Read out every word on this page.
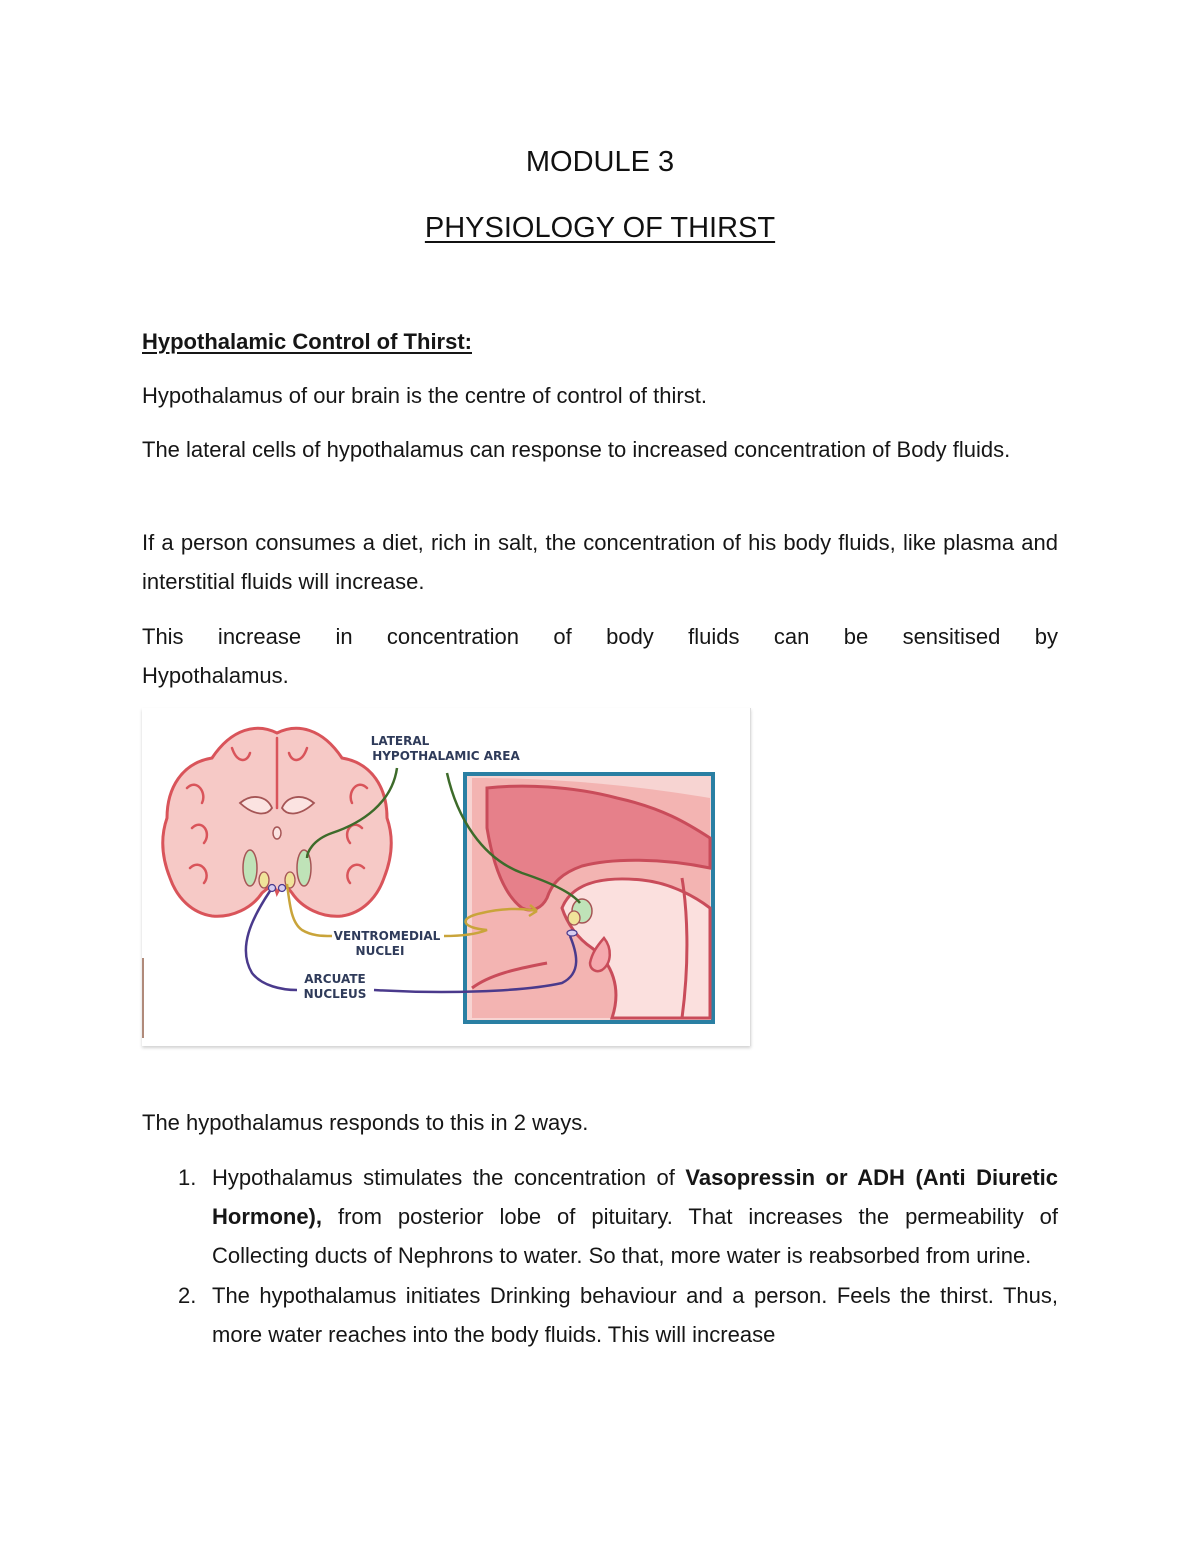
MODULE 3
PHYSIOLOGY OF THIRST
Hypothalamic Control of Thirst:
Hypothalamus of our brain is the centre of control of thirst.
The lateral cells of hypothalamus can response to increased concentration of Body fluids.
If a person consumes a diet, rich in salt, the concentration of his body fluids, like plasma and interstitial fluids will increase.
This increase in concentration of body fluids can be sensitised by
Hypothalamus.
LATERAL
HYPOTHALAMIC AREA
VENTROMEDIAL
NUCLEI
ARCUATE
NUCLEUS
The hypothalamus responds to this in 2 ways.
1. Hypothalamus stimulates the concentration of Vasopressin or ADH (Anti Diuretic Hormone), from posterior lobe of pituitary. That increases the permeability of Collecting ducts of Nephrons to water. So that, more water is reabsorbed from urine.
2. The hypothalamus initiates Drinking behaviour and a person. Feels the thirst. Thus, more water reaches into the body fluids. This will increase
